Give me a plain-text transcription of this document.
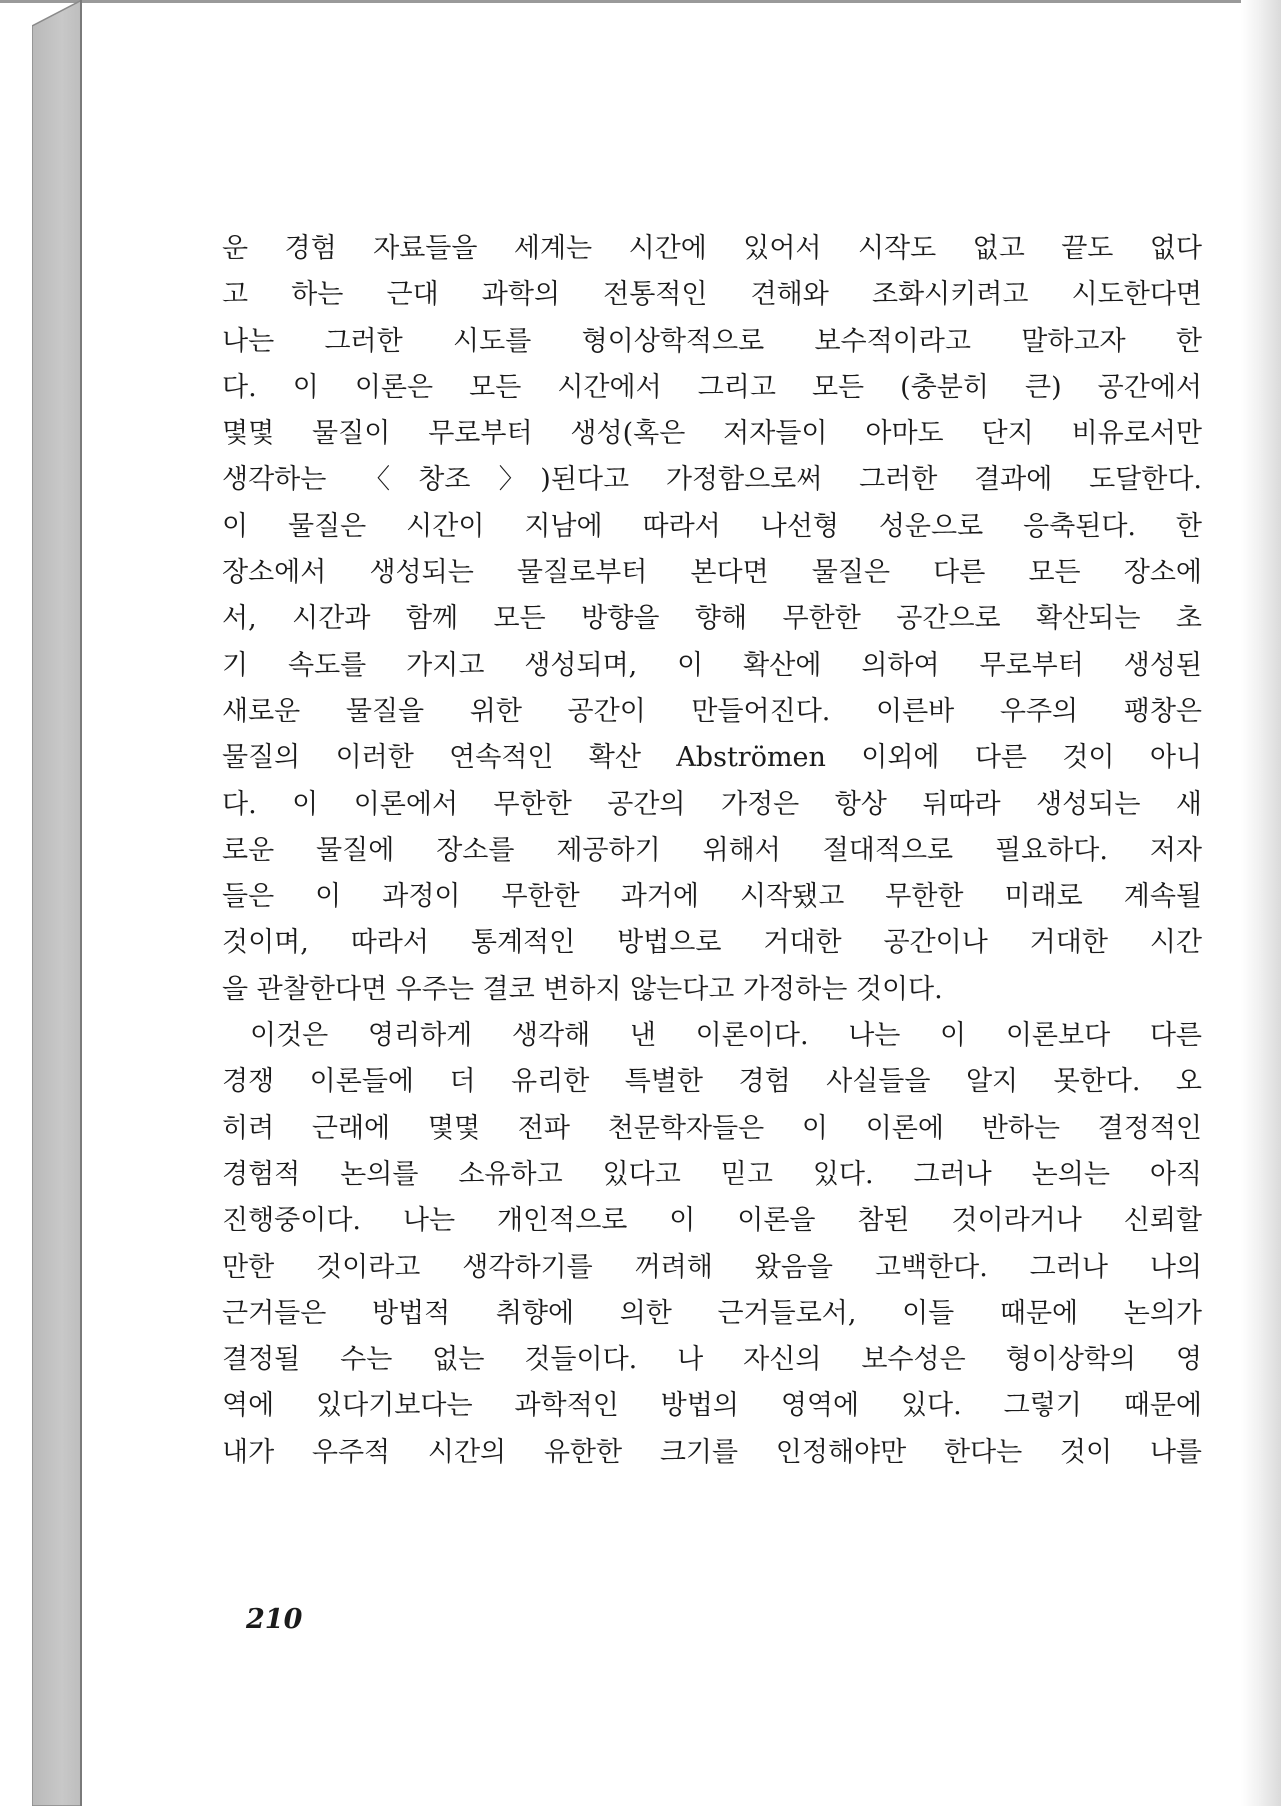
운 경험 자료들을 세계는 시간에 있어서 시작도 없고 끝도 없다
고 하는 근대 과학의 전통적인 견해와 조화시키려고 시도한다면
나는 그러한 시도를 형이상학적으로 보수적이라고 말하고자 한
다. 이 이론은 모든 시간에서 그리고 모든 (충분히 큰) 공간에서
몇몇 물질이 무로부터 생성(혹은 저자들이 아마도 단지 비유로서만
생각하는 〈창조〉)된다고 가정함으로써 그러한 결과에 도달한다.
이 물질은 시간이 지남에 따라서 나선형 성운으로 응축된다. 한
장소에서 생성되는 물질로부터 본다면 물질은 다른 모든 장소에
서, 시간과 함께 모든 방향을 향해 무한한 공간으로 확산되는 초
기 속도를 가지고 생성되며, 이 확산에 의하여 무로부터 생성된
새로운 물질을 위한 공간이 만들어진다. 이른바 우주의 팽창은
물질의 이러한 연속적인 확산 Abströmen 이외에 다른 것이 아니
다. 이 이론에서 무한한 공간의 가정은 항상 뒤따라 생성되는 새
로운 물질에 장소를 제공하기 위해서 절대적으로 필요하다. 저자
들은 이 과정이 무한한 과거에 시작됐고 무한한 미래로 계속될
것이며, 따라서 통계적인 방법으로 거대한 공간이나 거대한 시간
을 관찰한다면 우주는 결코 변하지 않는다고 가정하는 것이다.
이것은 영리하게 생각해 낸 이론이다. 나는 이 이론보다 다른
경쟁 이론들에 더 유리한 특별한 경험 사실들을 알지 못한다. 오
히려 근래에 몇몇 전파 천문학자들은 이 이론에 반하는 결정적인
경험적 논의를 소유하고 있다고 믿고 있다. 그러나 논의는 아직
진행중이다. 나는 개인적으로 이 이론을 참된 것이라거나 신뢰할
만한 것이라고 생각하기를 꺼려해 왔음을 고백한다. 그러나 나의
근거들은 방법적 취향에 의한 근거들로서, 이들 때문에 논의가
결정될 수는 없는 것들이다. 나 자신의 보수성은 형이상학의 영
역에 있다기보다는 과학적인 방법의 영역에 있다. 그렇기 때문에
내가 우주적 시간의 유한한 크기를 인정해야만 한다는 것이 나를
210
